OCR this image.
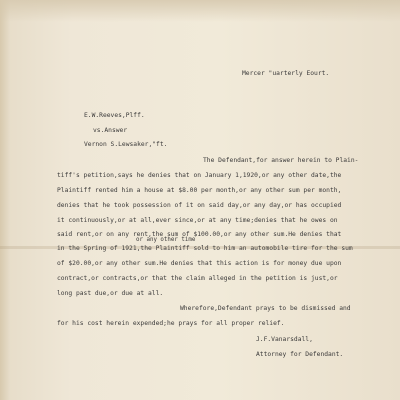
Mercer "uarterly Eourt.
E.W.Reeves,Plff.
vs.Answer
Vernon S.Lewsaker,"ft.
The Defendant,for answer herein to Plain-
tiff's petition,says he denies that on January 1,1920,or any other date,the
Plaintiff rented him a house at $8.00 per month,or any other sum per month,
denies that he took possession of it on said day,or any day,or has occupied
it continuously,or at all,ever since,or at any time;denies that he owes on
said rent,or on any rent,the sum of $100.00,or any other sum.He denies that
or any other time
in the Spring of 1921,the Plaintiff sold to him an automobile tire for the sum
of $20.00,or any other sum.He denies that this action is for money due upon
contract,or contracts,or that the claim alleged in the petition is just,or
long past due,or due at all.
Wherefore,Defendant prays to be dismissed and
for his cost herein expended;he prays for all proper relief.
J.F.Vanarsdall,
Attorney for Defendant.
